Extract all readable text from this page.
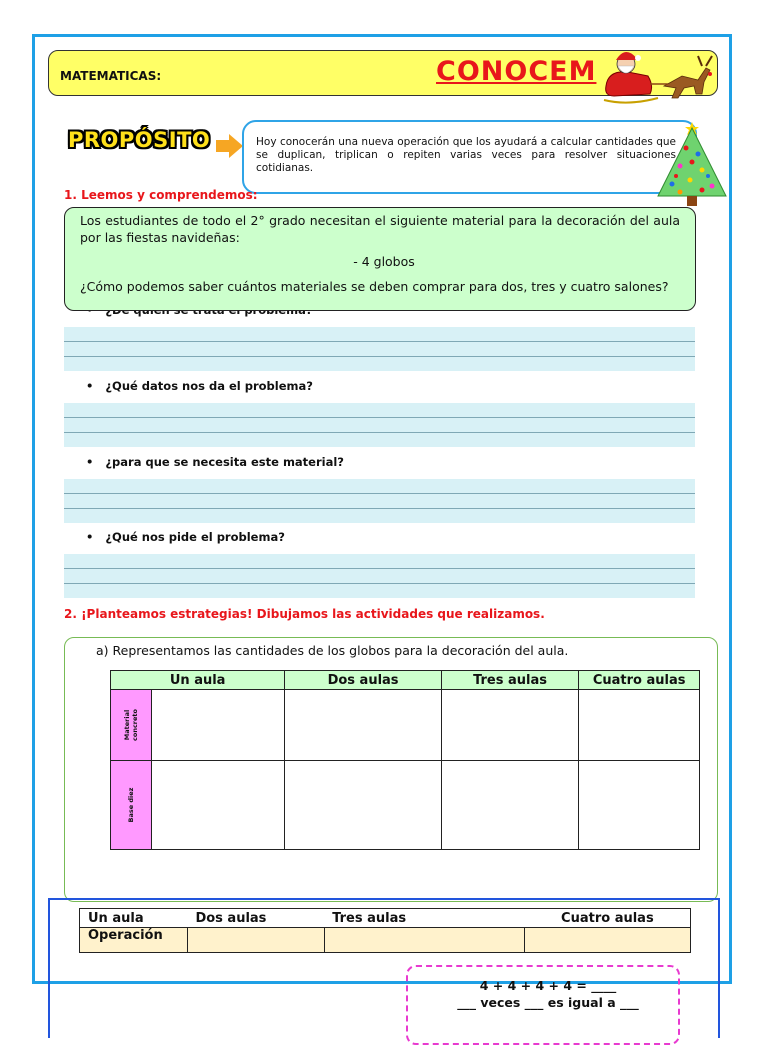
MATEMATICAS:	CONOCEM
PROPÓSITO	Hoy conocerán una nueva operación que los ayudará a calcular cantidades que se duplican, triplican o repiten varias veces para resolver situaciones cotidianas.
1. Leemos y comprendemos:
•   ¿Qué datos nos da el problema?
•   ¿para que se necesita este material?
•   ¿Qué nos pide el problema?
Los estudiantes de todo el 2° grado necesitan el siguiente material para la decoración del aula por las fiestas navideñas:
- 4 globos
¿Cómo podemos saber cuántos materiales se deben comprar para dos, tres y cuatro salones?
2. ¡Planteamos estrategias! Dibujamos las actividades que realizamos.
a) Representamos las cantidades de los globos para la decoración del aula.
Un aula		Dos aulas	Tres aulas	Cuatro aulas

Material concreto				

Base diez				

Un aula	Dos aulas	Tres aulas	Cuatro aulas
Operación			
4 + 4 + 4 + 4 = ____
___ veces ___ es igual a ___
